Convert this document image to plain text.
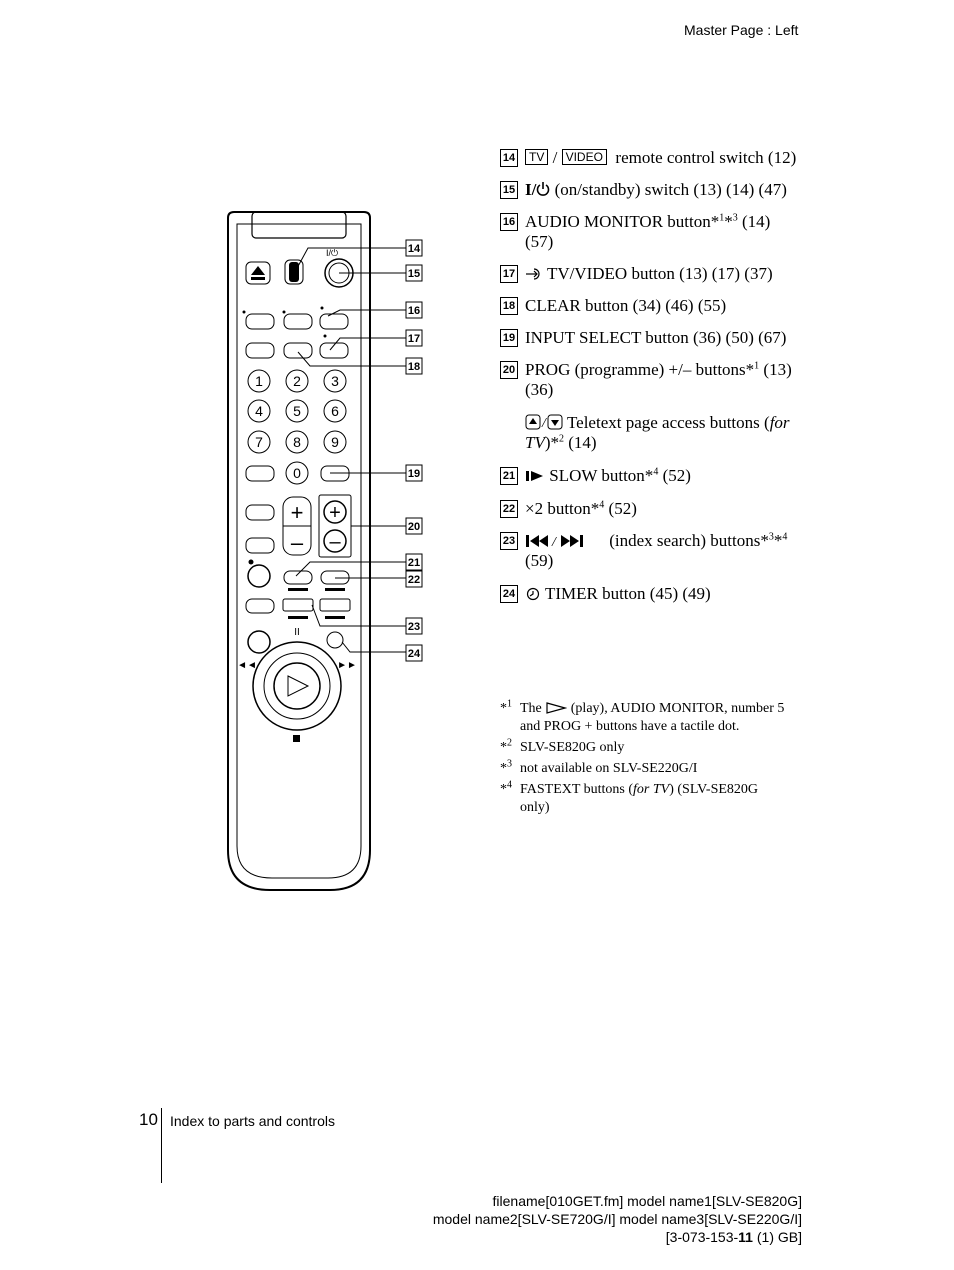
Master Page : Left
I/⏻
1 2 3
4 5 6
7 8 9
0
+
–
+
–
II
◄◄	►►
14
15
16
17
18
19
20
21
22
23
24
14 TV / VIDEO remote control switch (12)
15 I/ (on/standby) switch (13) (14) (47)
16 AUDIO MONITOR button*$^1$*$^3$ (14) (57)
17 TV/VIDEO button (13) (17) (37)
18 CLEAR button (34) (46) (55)
19 INPUT SELECT button (36) (50) (67)
20 PROG (programme) +/– buttons*$^1$ (13) (36)
/ Teletext page access buttons (for TV)*$^2$ (14)
21 SLOW button*$^4$ (52)
22 ×2 button*$^4$ (52)
23	/	(index search) buttons*$^3$*$^4$ (59)
24 TIMER button (45) (49)
*$^1$ The (play), AUDIO MONITOR, number 5 and PROG + buttons have a tactile dot.
*$^2$ SLV-SE820G only
*$^3$ not available on SLV-SE220G/I
*$^4$ FASTEXT buttons (for TV) (SLV-SE820G only)
10 Index to parts and controls
filename[010GET.fm] model name1[SLV-SE820G]
model name2[SLV-SE720G/I] model name3[SLV-SE220G/I]
[3-073-153-11 (1) GB]
